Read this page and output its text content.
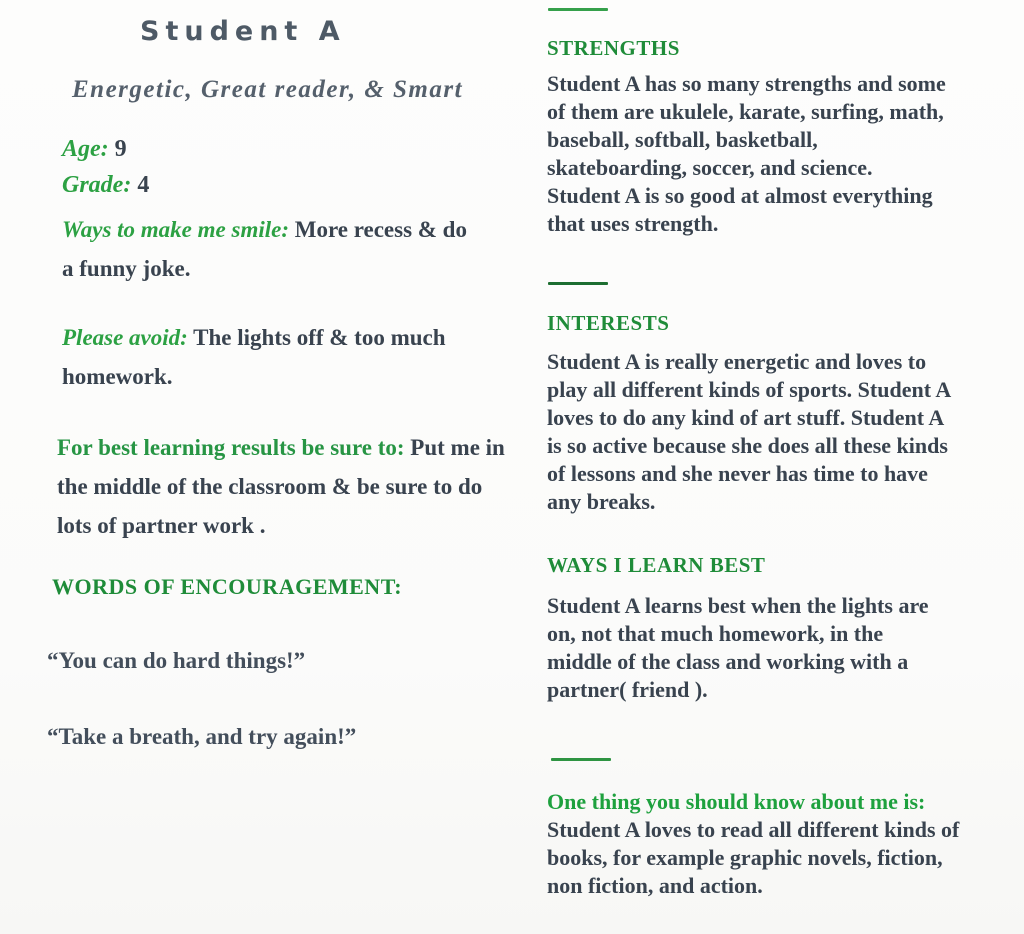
Student A
Energetic, Great reader, & Smart
Age: 9
Grade: 4
Ways to make me smile: More recess & do a funny joke.
Please avoid: The lights off & too much homework.
For best learning results be sure to: Put me in the middle of the classroom & be sure to do lots of partner work .
WORDS OF ENCOURAGEMENT:
“You can do hard things!”
“Take a breath, and try again!”
STRENGTHS
Student A has so many strengths and some of them are ukulele, karate, surfing, math, baseball, softball, basketball, skateboarding, soccer, and science. Student A is so good at almost everything that uses strength.
INTERESTS
Student A is really energetic and loves to play all different kinds of sports. Student A loves to do any kind of art stuff. Student A is so active because she does all these kinds of lessons and she never has time to have any breaks.
WAYS I LEARN BEST
Student A learns best when the lights are on, not that much homework, in the middle of the class and working with a partner( friend ).
One thing you should know about me is:  Student A loves to read all different kinds of books, for example graphic novels, fiction, non fiction, and action.
